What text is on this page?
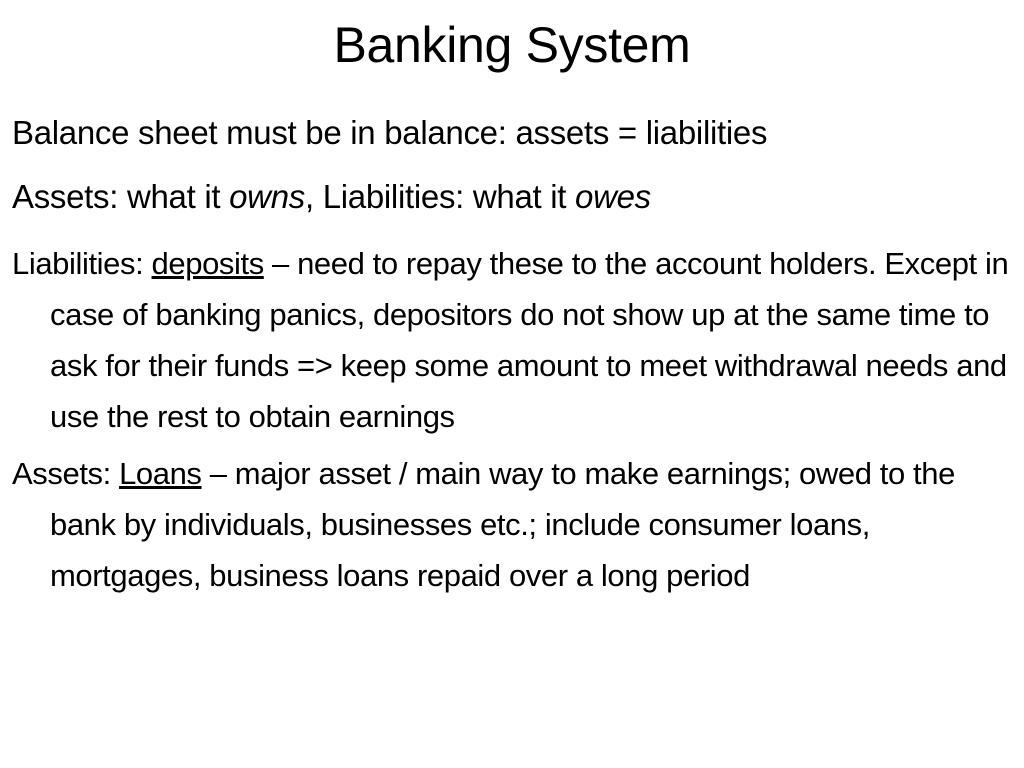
Banking System
Balance sheet must be in balance: assets = liabilities
Assets: what it owns, Liabilities: what it owes
Liabilities: deposits – need to repay these to the account holders. Except in case of banking panics, depositors do not show up at the same time to ask for their funds => keep some amount to meet withdrawal needs and use the rest to obtain earnings
Assets: Loans – major asset / main way to make earnings; owed to the bank by individuals, businesses etc.; include consumer loans, mortgages, business loans repaid over a long period
